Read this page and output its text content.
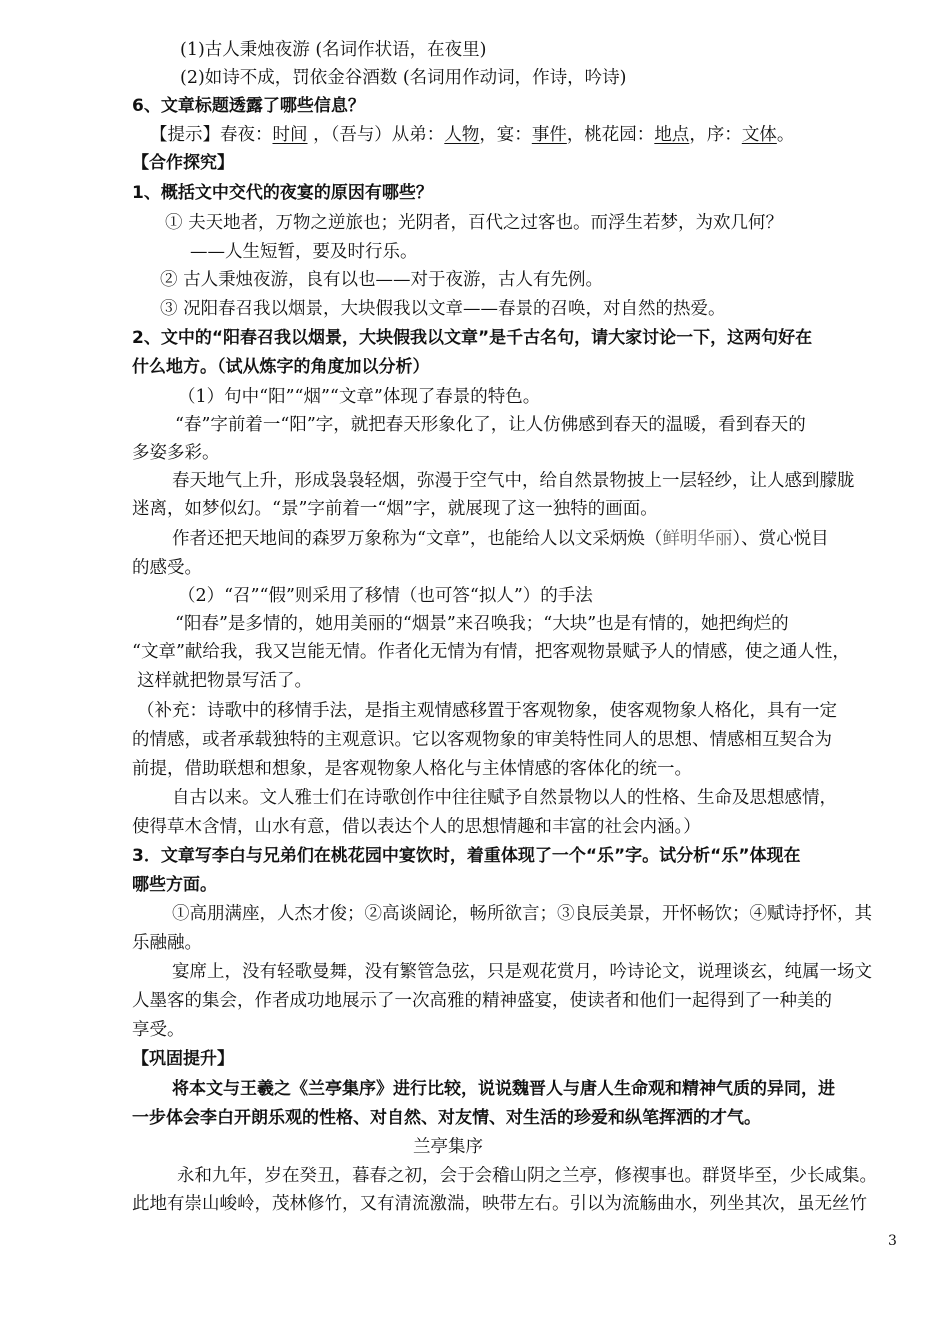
(1)古人秉烛夜游 (名词作状语，在夜里)
(2)如诗不成，罚依金谷酒数 (名词用作动词，作诗，吟诗)
6、文章标题透露了哪些信息？
【提示】春夜：时间 ，（吾与）从弟：人物，宴：事件，桃花园：地点，序：文体。
【合作探究】
1、概括文中交代的夜宴的原因有哪些？
① 夫天地者，万物之逆旅也；光阴者，百代之过客也。而浮生若梦，为欢几何？
——人生短暂，要及时行乐。
② 古人秉烛夜游，良有以也——对于夜游，古人有先例。
③ 况阳春召我以烟景，大块假我以文章——春景的召唤，对自然的热爱。
2、文中的“阳春召我以烟景，大块假我以文章”是千古名句，请大家讨论一下，这两句好在
什么地方。（试从炼字的角度加以分析）
（1）句中“阳”“烟”“文章”体现了春景的特色。
“春”字前着一“阳”字，就把春天形象化了，让人仿佛感到春天的温暖，看到春天的
多姿多彩。
春天地气上升，形成袅袅轻烟，弥漫于空气中，给自然景物披上一层轻纱，让人感到朦胧
迷离，如梦似幻。“景”字前着一“烟”字，就展现了这一独特的画面。
作者还把天地间的森罗万象称为“文章”，也能给人以文采炳焕（鲜明华丽）、赏心悦目
的感受。
（2）“召”“假”则采用了移情（也可答“拟人”）的手法
“阳春”是多情的，她用美丽的“烟景”来召唤我；“大块”也是有情的，她把绚烂的
“文章”献给我，我又岂能无情。作者化无情为有情，把客观物景赋予人的情感，使之通人性，
这样就把物景写活了。
（补充：诗歌中的移情手法，是指主观情感移置于客观物象，使客观物象人格化，具有一定
的情感，或者承载独特的主观意识。它以客观物象的审美特性同人的思想、情感相互契合为
前提，借助联想和想象，是客观物象人格化与主体情感的客体化的统一。
自古以来。文人雅士们在诗歌创作中往往赋予自然景物以人的性格、生命及思想感情，
使得草木含情，山水有意，借以表达个人的思想情趣和丰富的社会内涵。）
3．文章写李白与兄弟们在桃花园中宴饮时，着重体现了一个“乐”字。试分析“乐”体现在
哪些方面。
①高朋满座，人杰才俊；②高谈阔论，畅所欲言；③良辰美景，开怀畅饮；④赋诗抒怀，其
乐融融。
宴席上，没有轻歌曼舞，没有繁管急弦，只是观花赏月，吟诗论文，说理谈玄，纯属一场文
人墨客的集会，作者成功地展示了一次高雅的精神盛宴，使读者和他们一起得到了一种美的
享受。
【巩固提升】
将本文与王羲之《兰亭集序》进行比较，说说魏晋人与唐人生命观和精神气质的异同，进
一步体会李白开朗乐观的性格、对自然、对友情、对生活的珍爱和纵笔挥洒的才气。
兰亭集序
永和九年，岁在癸丑，暮春之初，会于会稽山阴之兰亭，修禊事也。群贤毕至，少长咸集。
此地有崇山峻岭，茂林修竹，又有清流激湍，映带左右。引以为流觞曲水，列坐其次，虽无丝竹
3
